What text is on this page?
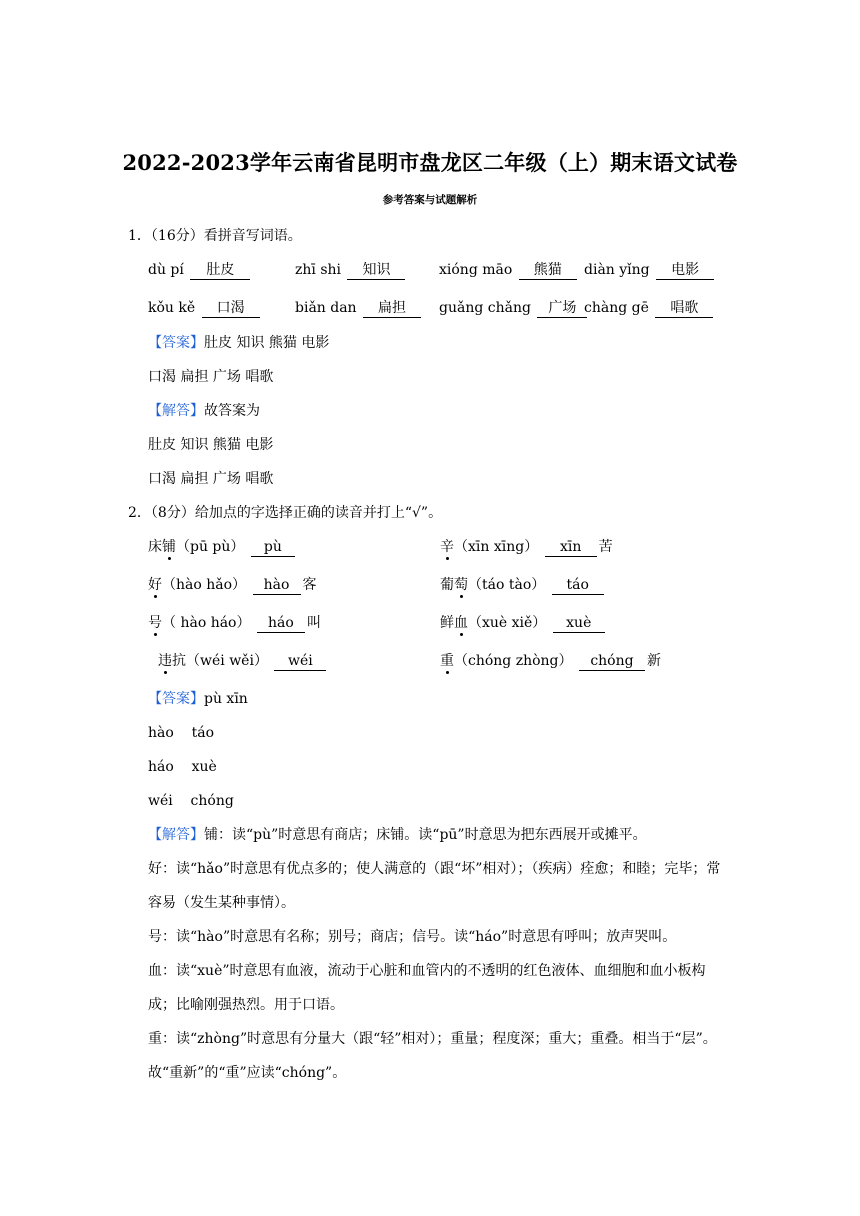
2022-2023学年云南省昆明市盘龙区二年级（上）期末语文试卷
参考答案与试题解析
1．（16分）看拼音写词语。
dù pí 肚皮	zhī shi 知识	xióng māo 熊猫	diàn yǐng 电影
kǒu kě 口渴	biǎn dan 扁担	guǎng chǎng 广场 chàng gē 唱歌
【答案】肚皮 知识 熊猫 电影
口渴 扁担 广场 唱歌
【解答】故答案为
肚皮 知识 熊猫 电影
口渴 扁担 广场 唱歌
2．（8分）给加点的字选择正确的读音并打上“√”。
床铺（pū pù） pù	辛（xīn xīng） xīn 苦
好（hào hǎo） hào 客	葡萄（táo tào） táo
号（ hào háo） háo 叫	鲜血（xuè xiě） xuè
违抗（wéi wěi） wéi	重（chóng zhòng） chóng 新
【答案】pù xīn
hào    táo
háo    xuè
wéi    chóng
【解答】铺：读“pù”时意思有商店；床铺。读“pū”时意思为把东西展开或摊平。
好：读“hǎo”时意思有优点多的；使人满意的（跟“坏”相对）；（疾病）痊愈；和睦；完毕；常容易（发生某种事情）。
号：读“hào”时意思有名称；别号；商店；信号。读“háo”时意思有呼叫；放声哭叫。
血：读“xuè”时意思有血液，流动于心脏和血管内的不透明的红色液体、血细胞和血小板构成；比喻刚强热烈。用于口语。
重：读“zhòng”时意思有分量大（跟“轻”相对）；重量；程度深；重大；重叠。相当于“层”。故“重新”的“重”应读“chóng”。
